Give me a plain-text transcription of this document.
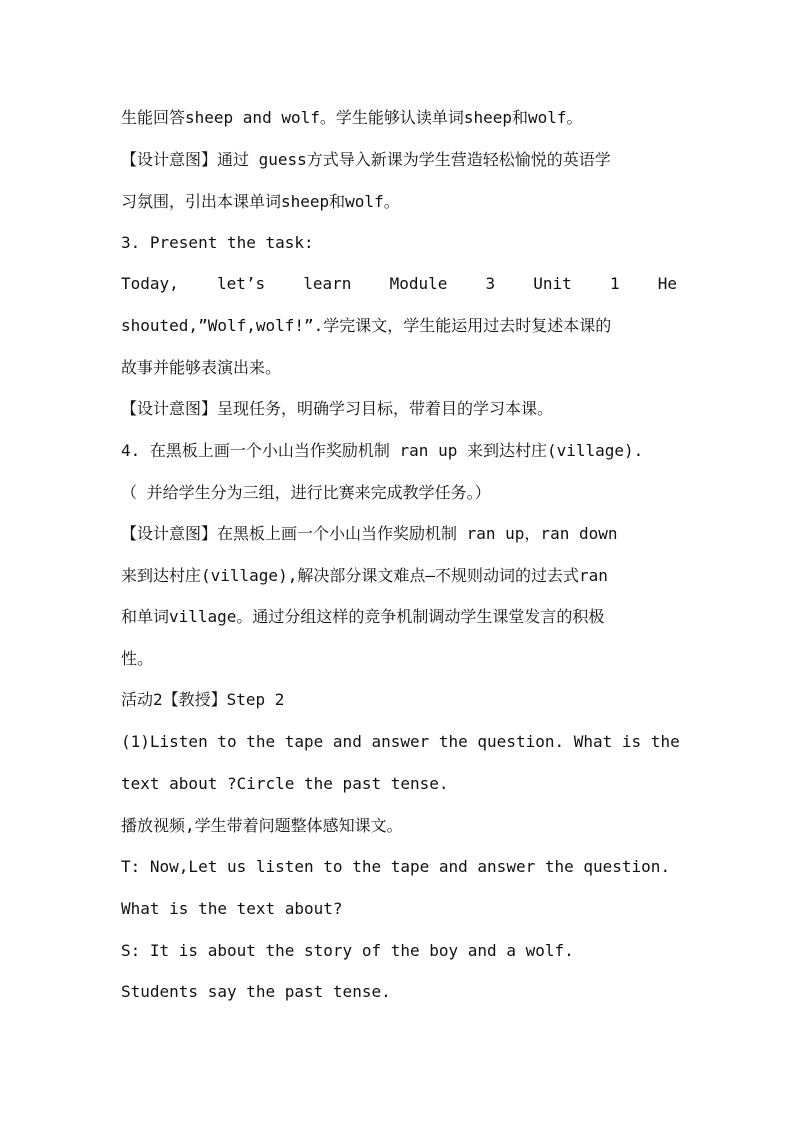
生能回答sheep and wolf。学生能够认读单词sheep和wolf。
【设计意图】通过 guess方式导入新课为学生营造轻松愉悦的英语学
习氛围，引出本课单词sheep和wolf。
3. Present the task:
Today, let’s learn Module 3 Unit 1 He
shouted,”Wolf,wolf!”.学完课文，学生能运用过去时复述本课的
故事并能够表演出来。
【设计意图】呈现任务，明确学习目标，带着目的学习本课。
4. 在黑板上画一个小山当作奖励机制 ran up 来到达村庄(village).
（ 并给学生分为三组，进行比赛来完成教学任务。）
【设计意图】在黑板上画一个小山当作奖励机制 ran up，ran down
来到达村庄(village),解决部分课文难点—不规则动词的过去式ran
和单词village。通过分组这样的竞争机制调动学生课堂发言的积极
性。
活动2【教授】Step 2
(1)Listen to the tape and answer the question. What is the
text about ?Circle the past tense.
播放视频,学生带着问题整体感知课文。
T: Now,Let us listen to the tape and answer the question.
What is the text about?
S: It is about the story of the boy and a wolf.
Students say the past tense.
